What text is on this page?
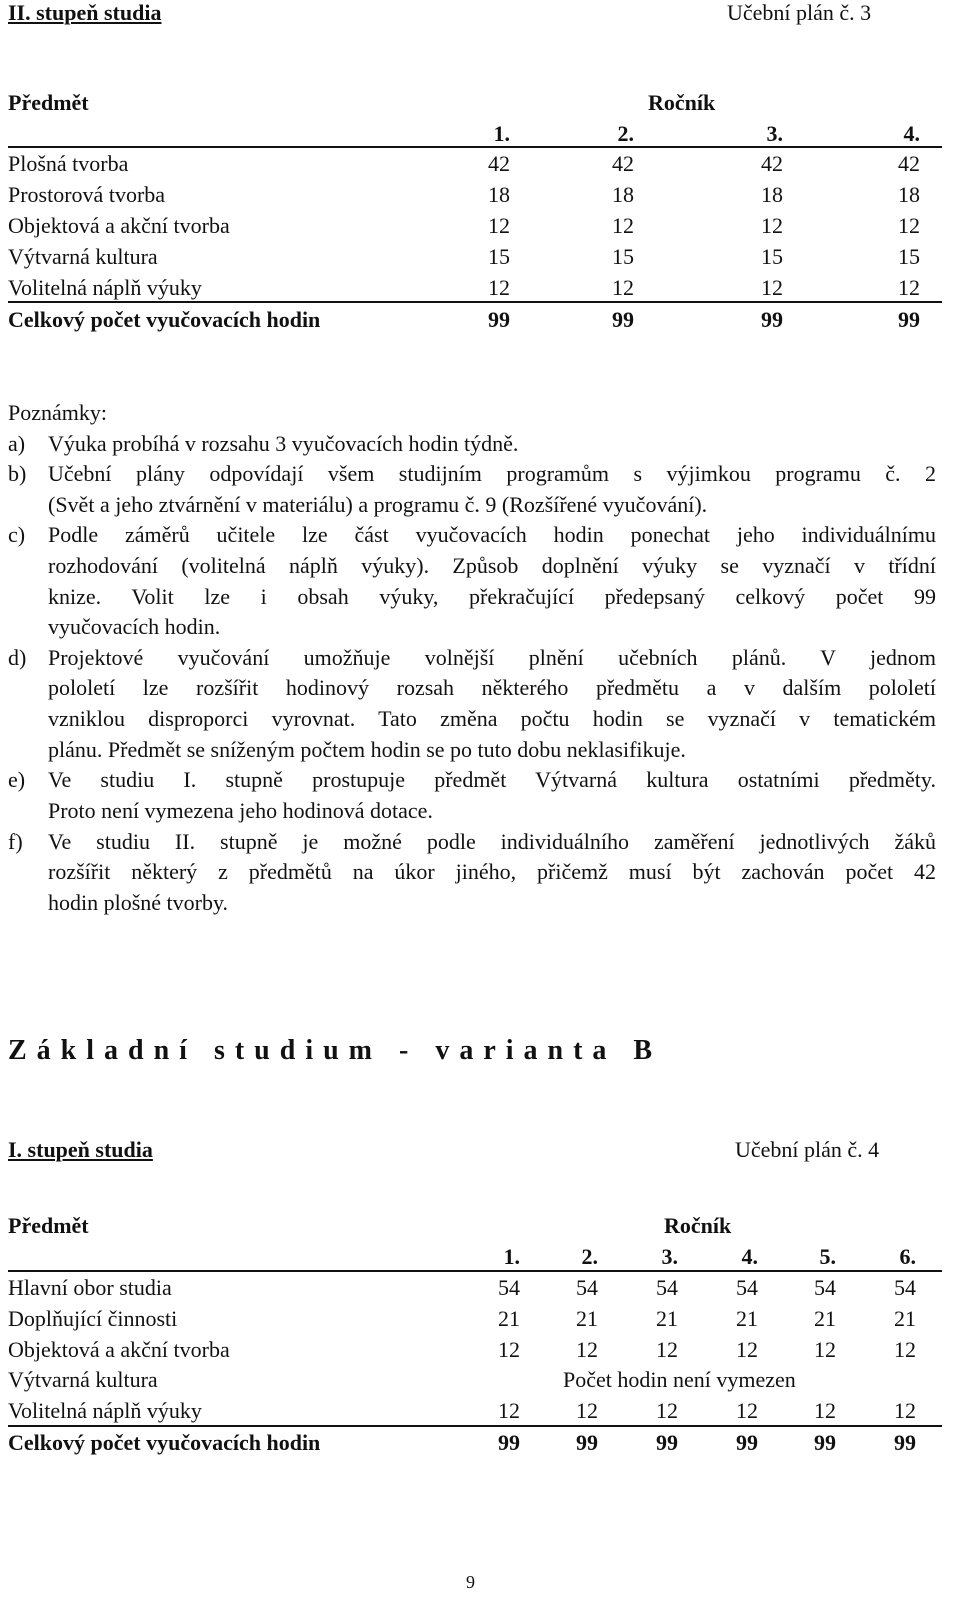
II. stupeň studia	Učební plán č. 3
Předmět	Ročník
1.	2.	3.	4.
Plošná tvorba	42	42	42	42
Prostorová tvorba	18	18	18	18
Objektová a akční tvorba	12	12	12	12
Výtvarná kultura	15	15	15	15
Volitelná náplň výuky	12	12	12	12
Celkový počet vyučovacích hodin	99	99	99	99
Poznámky:
a) Výuka probíhá v rozsahu 3 vyučovacích hodin týdně.
b) Učební plány odpovídají všem studijním programům s výjimkou programu č. 2
(Svět a jeho ztvárnění v materiálu) a programu č. 9 (Rozšířené vyučování).
c) Podle záměrů učitele lze část vyučovacích hodin ponechat jeho individuálnímu
rozhodování (volitelná náplň výuky). Způsob doplnění výuky se vyznačí v třídní
knize. Volit lze i obsah výuky, překračující předepsaný celkový počet 99
vyučovacích hodin.
d) Projektové vyučování umožňuje volnější plnění učebních plánů. V jednom
pololetí lze rozšířit hodinový rozsah některého předmětu a v dalším pololetí
vzniklou disproporci vyrovnat. Tato změna počtu hodin se vyznačí v tematickém
plánu. Předmět se sníženým počtem hodin se po tuto dobu neklasifikuje.
e) Ve studiu I. stupně prostupuje předmět Výtvarná kultura ostatními předměty.
Proto není vymezena jeho hodinová dotace.
f) Ve studiu II. stupně je možné podle individuálního zaměření jednotlivých žáků
rozšířit některý z předmětů na úkor jiného, přičemž musí být zachován počet 42
hodin plošné tvorby.
Základní studium - varianta B
I. stupeň studia	Učební plán č. 4
Předmět	Ročník
1.	2.	3.	4.	5.	6.
Hlavní obor studia	54	54	54	54	54	54
Doplňující činnosti	21	21	21	21	21	21
Objektová a akční tvorba	12	12	12	12	12	12
Výtvarná kultura	Počet hodin není vymezen
Volitelná náplň výuky	12	12	12	12	12	12
Celkový počet vyučovacích hodin	99	99	99	99	99	99
9
